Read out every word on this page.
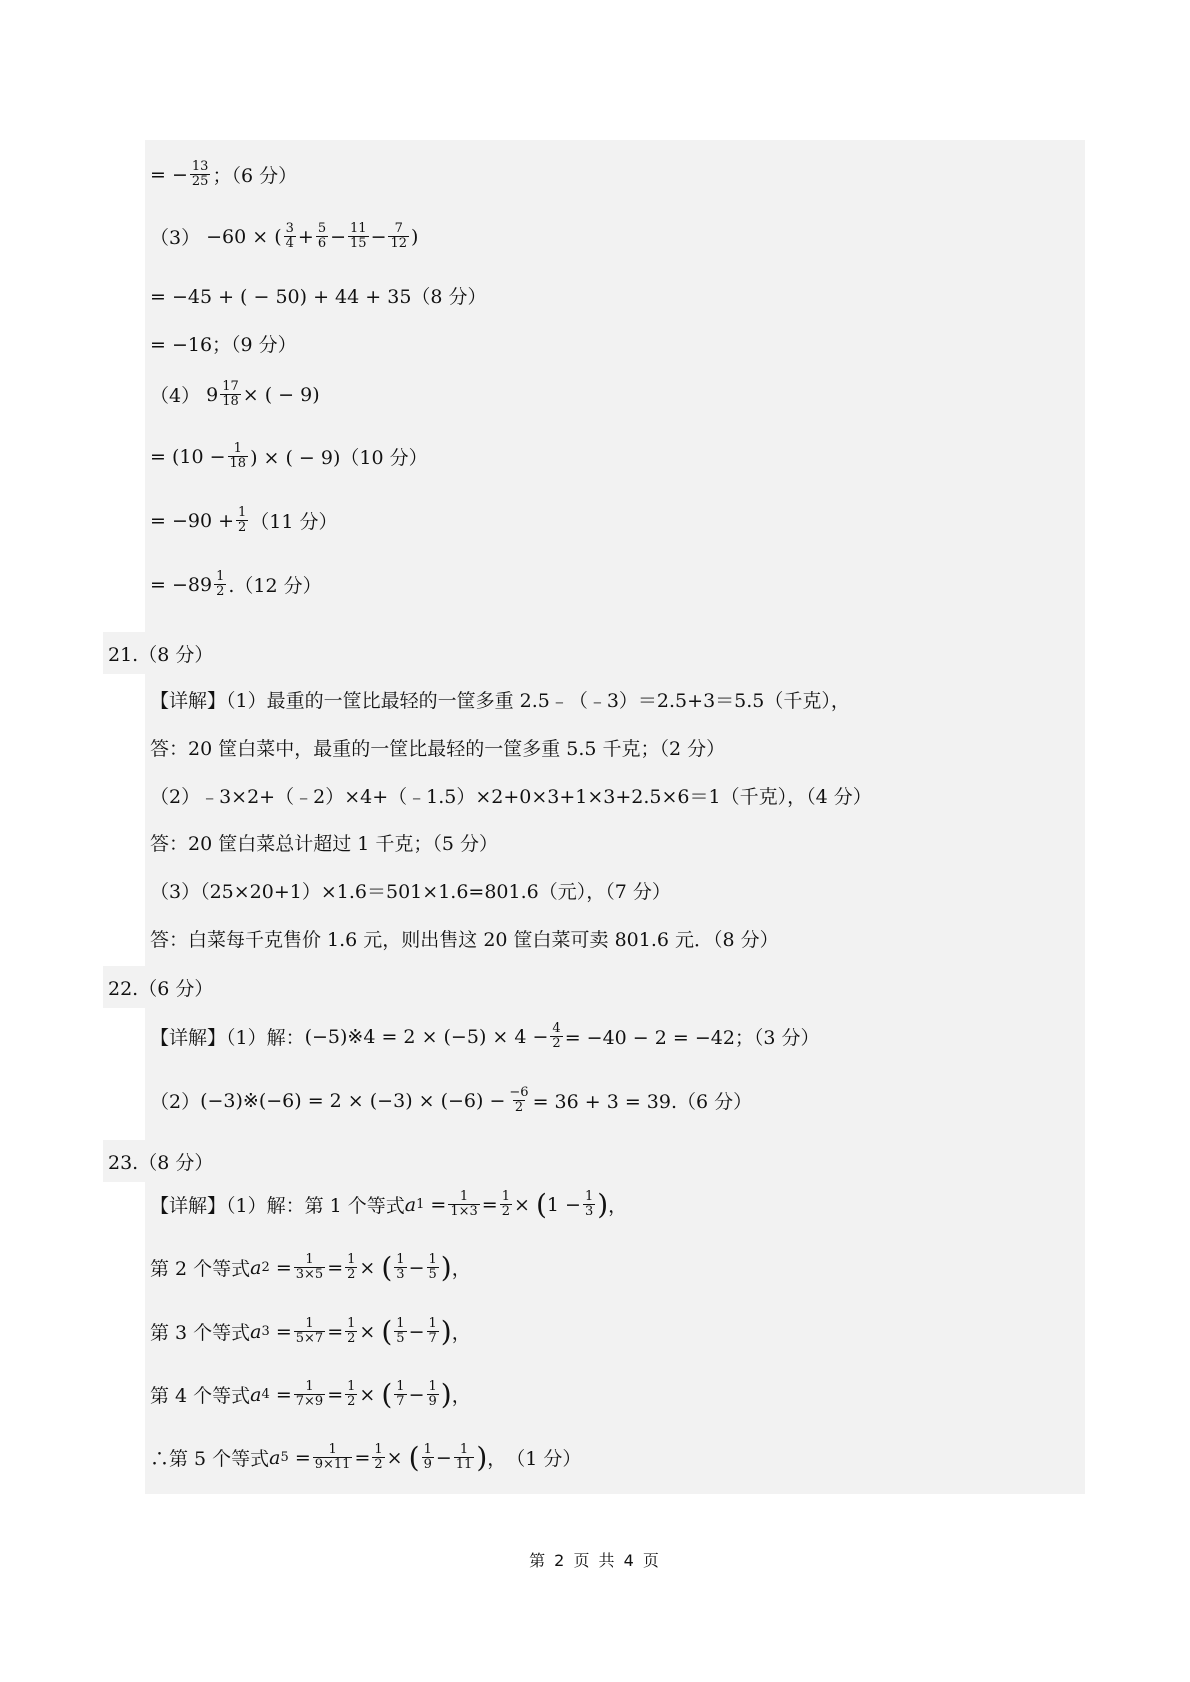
= − $\frac{13}{25}$ ；（6 分）
（3） −60 × ( $\frac{3}{4} + \frac{5}{6} - \frac{11}{15} - \frac{7}{12}$ )
= −45 + ( − 50) + 44 + 35（8 分）
= −16；（9 分）
（4） $9 \frac{17}{18}$ × ( − 9)
= ($10 - \frac{1}{18}$ ) × ( − 9)（10 分）
= $-90 + \frac{1}{2} (11$ 分）
= $-89 \frac{1}{2} .(12$ 分）
21.（8 分）
【详解】（1）最重的一筐比最轻的一筐多重 2.5﹣（﹣3）＝2.5+3＝5.5（千克），
答：20 筐白菜中，最重的一筐比最轻的一筐多重 5.5 千克；（2 分）
（2）﹣3×2+（﹣2）×4+（﹣1.5）×2+0×3+1×3+2.5×6＝1（千克），（4 分）
答：20 筐白菜总计超过 1 千克；（5 分）
（3）（25×20+1）×1.6＝501×1.6=801.6（元），（7 分）
答：白菜每千克售价 1.6 元，则出售这 20 筐白菜可卖 801.6 元．（8 分）
22.（6 分）
【详解】（1）解： (−5)※4 = $2 \times (-5) \times 4 - \frac{4}{2} = -40 - 2 = -42$；（3 分）
（2） (−3)※(−6) = $2 \times (-3) \times (-6) - \frac{-6}{2} = 36 + 3 = 39.(6$ 分）
23.（8 分）
【详解】（1）解：第 1 个等式 a 1
= $\frac{1}{1\times 3} = \frac{1}{2}$ ×
( 1
− $\frac{1}{3}$ ) ，
第 2 个等式 a 2
= $\frac{1}{3\times 5} = \frac{1}{2}$ ×
( $\frac{1}{3} - \frac{1}{5}$ ) ，
第 3 个等式 a 3
= $\frac{1}{5\times 7} = \frac{1}{2}$ ×
( $\frac{1}{5} - \frac{1}{7}$ ) ，
第 4 个等式 a 4
= $\frac{1}{7\times 9} = \frac{1}{2}$ ×
( $\frac{1}{7} - \frac{1}{9}$ ) ，
∴第 5 个等式 a 5
= $\frac{1}{9\times 11} = \frac{1}{2}$ ×
( $\frac{1}{9} - \frac{1}{11}$ ) ， （1 分）
第 2 页 共 4 页
